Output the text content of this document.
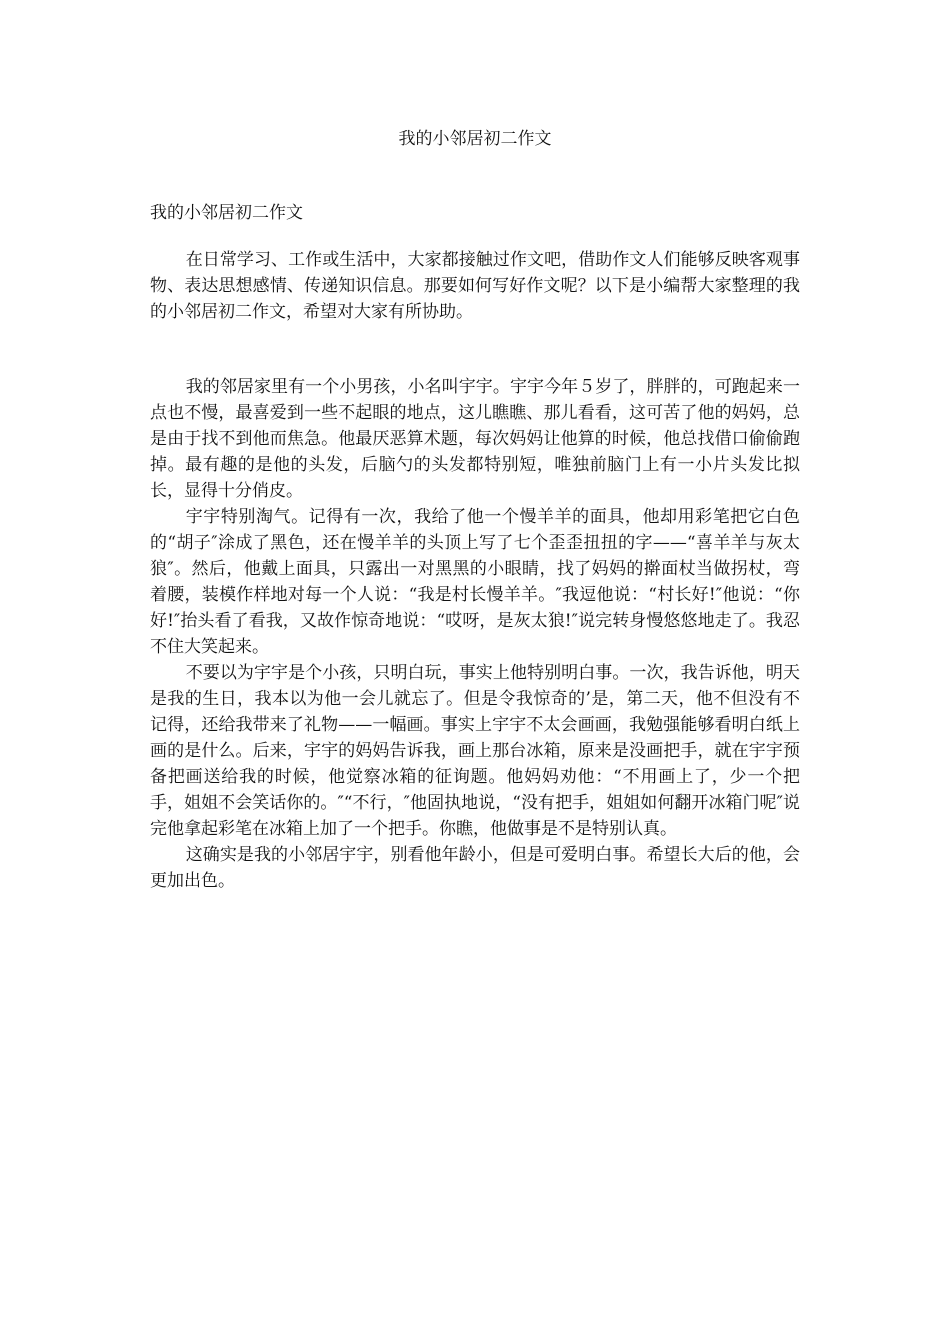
我的小邻居初二作文
我的小邻居初二作文

在日常学习、工作或生活中，大家都接触过作文吧，借助作文人们能够反映客观事物、表达思想感情、传递知识信息。那要如何写好作文呢？以下是小编帮大家整理的我的小邻居初二作文，希望对大家有所协助。

我的邻居家里有一个小男孩，小名叫宇宇。宇宇今年５岁了，胖胖的，可跑起来一点也不慢，最喜爱到一些不起眼的地点，这儿瞧瞧、那儿看看，这可苦了他的妈妈，总是由于找不到他而焦急。他最厌恶算术题，每次妈妈让他算的时候，他总找借口偷偷跑掉。最有趣的是他的头发，后脑勺的头发都特别短，唯独前脑门上有一小片头发比拟长，显得十分俏皮。

宇宇特别淘气。记得有一次，我给了他一个慢羊羊的面具，他却用彩笔把它白色的“胡子″涂成了黑色，还在慢羊羊的头顶上写了七个歪歪扭扭的字——“喜羊羊与灰太狼″。然后，他戴上面具，只露出一对黑黑的小眼睛，找了妈妈的擀面杖当做拐杖，弯着腰，装模作样地对每一个人说：“我是村长慢羊羊。″我逗他说：“村长好!″他说：“你好!″抬头看了看我，又故作惊奇地说：“哎呀，是灰太狼!″说完转身慢悠悠地走了。我忍不住大笑起来。

不要以为宇宇是个小孩，只明白玩，事实上他特别明白事。一次，我告诉他，明天是我的生日，我本以为他一会儿就忘了。但是令我惊奇的’是，第二天，他不但没有不记得，还给我带来了礼物——一幅画。事实上宇宇不太会画画，我勉强能够看明白纸上画的是什么。后来，宇宇的妈妈告诉我，画上那台冰箱，原来是没画把手，就在宇宇预备把画送给我的时候，他觉察冰箱的征询题。他妈妈劝他：“不用画上了，少一个把手，姐姐不会笑话你的。″“不行，″他固执地说，“没有把手，姐姐如何翻开冰箱门呢″说完他拿起彩笔在冰箱上加了一个把手。你瞧，他做事是不是特别认真。

这确实是我的小邻居宇宇，别看他年龄小，但是可爱明白事。希望长大后的他，会更加出色。
